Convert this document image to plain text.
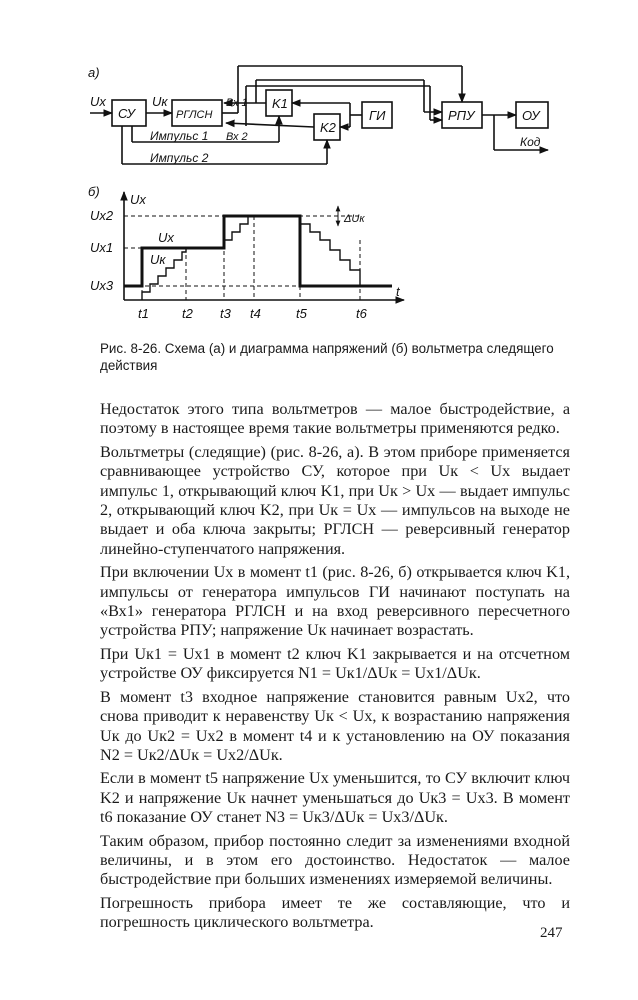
а)
б)
СУ	РГЛСН
K1
K2
ГИ	РПУ	ОУ
Ux	Uк	Вх 1
Вх 2
Импульс 1
Импульс 2
Код
Ux
t
Ux2
Ux1
Ux3
Ux
Uк
ΔUк
t1	t2 t3 t4	t5	t6
Рис. 8-26. Схема (а) и диаграмма напряжений (б) вольтметра следящего действия

Недостаток этого типа вольтметров — малое быстродействие, а поэтому в настоящее время такие вольтметры применяются редко.

Вольтметры (следящие) (рис. 8-26, а). В этом приборе применяется сравнивающее устройство СУ, которое при Uк < Ux выдает импульс 1, открывающий ключ K1, при Uк > Ux — выдает импульс 2, открывающий ключ K2, при Uк = Ux — импульсов на выходе не выдает и оба ключа закрыты; РГЛСН — реверсивный генератор линейно-ступенчатого напряжения.

При включении Ux в момент t1 (рис. 8-26, б) открывается ключ K1, импульсы от генератора импульсов ГИ начинают поступать на «Вх1» генератора РГЛСН и на вход реверсивного пересчетного устройства РПУ; напряжение Uк начинает возрастать.

При Uк1 = Ux1 в момент t2 ключ K1 закрывается и на отсчетном устройстве ОУ фиксируется N1 = Uк1/ΔUк = Ux1/ΔUк.

В момент t3 входное напряжение становится равным Ux2, что снова приводит к неравенству Uк < Ux, к возрастанию напряжения Uк до Uк2 = Ux2 в момент t4 и к установлению на ОУ показания N2 = Uк2/ΔUк = Ux2/ΔUк.

Если в момент t5 напряжение Ux уменьшится, то СУ включит ключ K2 и напряжение Uк начнет уменьшаться до Uк3 = Ux3. В момент t6 показание ОУ станет N3 = Uк3/ΔUк = Ux3/ΔUк.

Таким образом, прибор постоянно следит за изменениями входной величины, и в этом его достоинство. Недостаток — малое быстродействие при больших изменениях измеряемой величины.

Погрешность прибора имеет те же составляющие, что и погрешность циклического вольтметра.

247
